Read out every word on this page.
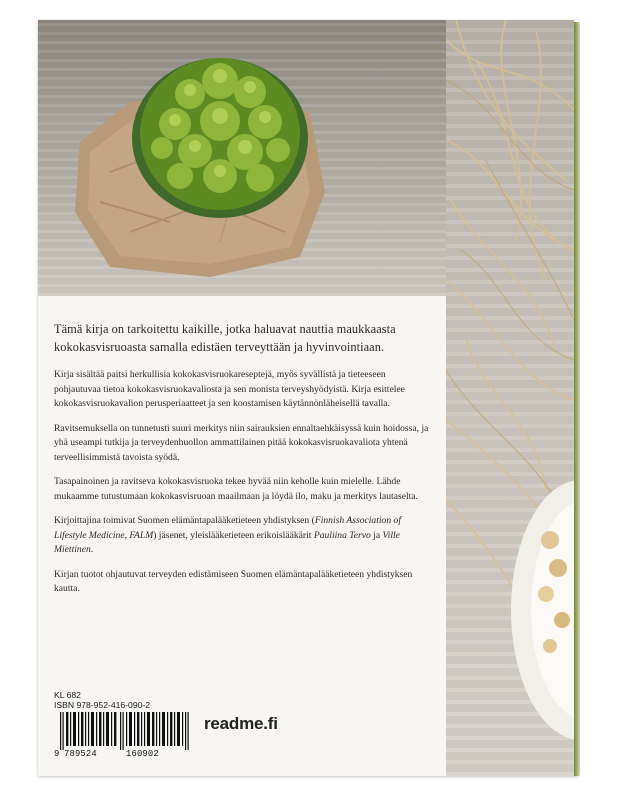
Tämä kirja on tarkoitettu kaikille, jotka haluavat nauttia maukkaasta kokokasvisruoasta samalla edistäen terveyttään ja hyvinvointiaan.

Kirja sisältää paitsi herkullisia kokokasvisruokareseptejä, myös syvällistä ja tieteeseen pohjautuvaa tietoa kokokasvisruokavaliosta ja sen monista terveyshyödyistä. Kirja esittelee kokokasvisruokavalion perusperiaatteet ja sen koostamisen käytännönläheisellä tavalla.

Ravitsemuksella on tunnetusti suuri merkitys niin sairauksien ennaltaehkäisyssä kuin hoidossa, ja yhä useampi tutkija ja terveydenhuollon ammattilainen pitää kokokasvisruokavaliota yhtenä terveellisimmistä tavoista syödä.

Tasapainoinen ja ravitseva kokokasvisruoka tekee hyvää niin keholle kuin mielelle. Lähde mukaamme tutustumaan kokokasvisruoan maailmaan ja löydä ilo, maku ja merkitys lautaselta.

Kirjoittajina toimivat Suomen elämäntapalääketieteen yhdistyksen (Finnish Association of Lifestyle Medicine, FALM) jäsenet, yleislääketieteen erikoislääkärit Pauliina Tervo ja Ville Miettinen.

Kirjan tuotot ohjautuvat terveyden edistämiseen Suomen elämäntapalääketieteen yhdistyksen kautta.

KL 682
ISBN 978-952-416-090-2
9 789524	160902
readme.fi
